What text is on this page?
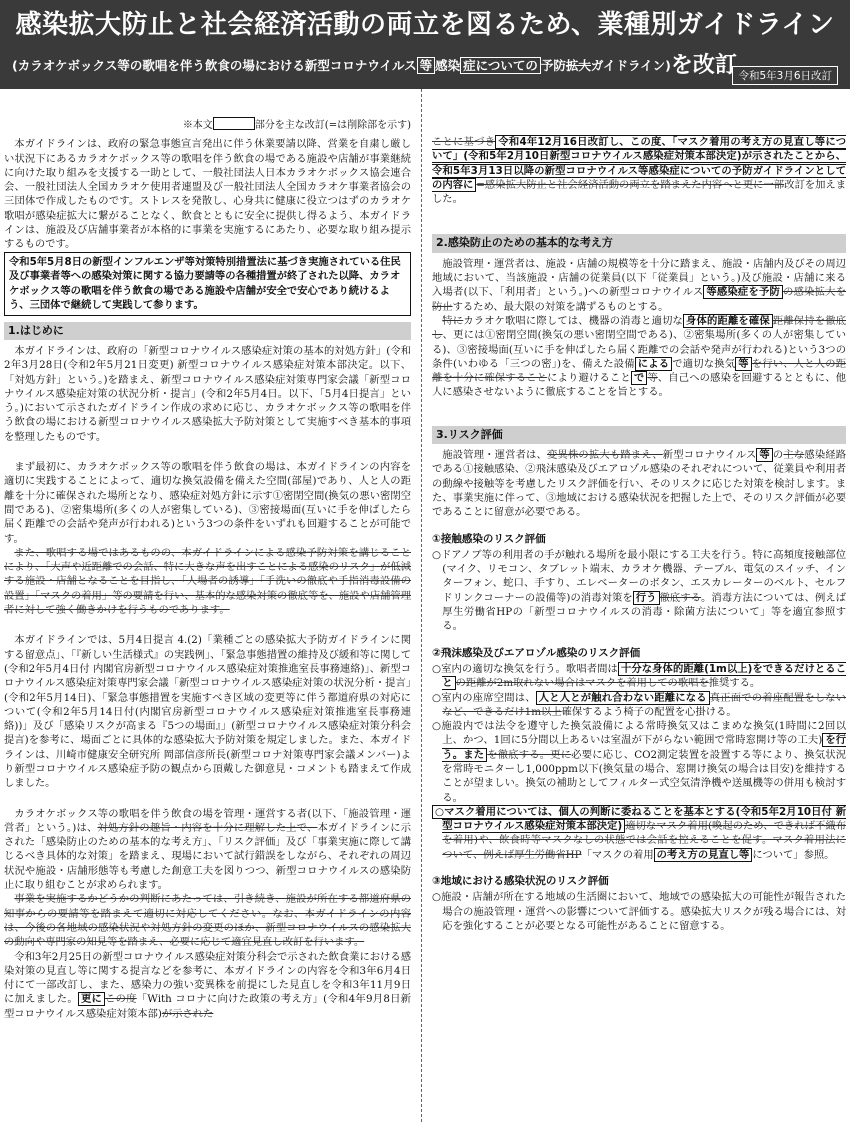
感染拡大防止と社会経済活動の両立を図るため、業種別ガイドライン
(カラオケボックス等の歌唱を伴う飲食の場における新型コロナウイルス 等 感染 症についての 予防拡大ガイドライン)を改訂 令和5年3月6日改訂
※本文	部分を主な改訂(=は削除部を示す)

本ガイドラインは、政府の緊急事態宣言発出に伴う休業要請以降、営業を自粛し厳しい状況下にあるカラオケボックス等の歌唱を伴う飲食の場である施設や店舗が事業継続に向けた取り組みを支援する一助として、一般社団法人日本カラオケボックス協会連合会、一般社団法人全国カラオケ使用者連盟及び一般社団法人全国カラオケ事業者協会の三団体で作成したものです。ストレスを発散し、心身共に健康に役立つはずのカラオケ歌唱が感染症拡大に繋がることなく、飲食とともに安全に提供し得るよう、本ガイドラインは、施設及び店舗事業者が本格的に事業を実施するにあたり、必要な取り組み提示するものです。

令和5年5月8日の新型インフルエンザ等対策特別措置法に基づき実施されている住民及び事業者等への感染対策に関する協力要請等の各種措置が終了された以降、カラオケボックス等の歌唱を伴う飲食の場である施設や店舗が安全で安心であり続けるよう、三団体で継続して実践して参ります。
1.はじめに

本ガイドラインは、政府の「新型コロナウイルス感染症対策の基本的対処方針」(令和2年3月28日(令和2年5月21日変更) 新型コロナウイルス感染症対策本部決定。以下、「対処方針」という。)を踏まえ、新型コロナウイルス感染症対策専門家会議「新型コロナウイルス感染症対策の状況分析・提言」(令和2年5月4日。以下、「5月4日提言」という。)において示されたガイドライン作成の求めに応じ、カラオケボックス等の歌唱を伴う飲食の場における新型コロナウイルス感染拡大予防対策として実施すべき基本的事項を整理したものです。

まず最初に、カラオケボックス等の歌唱を伴う飲食の場は、本ガイドラインの内容を適切に実践することによって、適切な換気設備を備えた空間(部屋)であり、人と人の距離を十分に確保された場所となり、感染症対処方針に示す①密閉空間(換気の悪い密閉空間である)、②密集場所(多くの人が密集している)、③密接場面(互いに手を伸ばしたら届く距離での会話や発声が行われる)という3つの条件をいずれも回避することが可能です。

また、歌唱する場ではあるものの、本ガイドラインによる感染予防対策を講じることにより、「大声や近距離での会話、特に大きな声を出すことによる感染のリスク」が低減する施設・店舗となることを目指し、「人場者の誘導」「手洗いの徹底や手指消毒設備の設置」「マスクの着用」等の要請を行い、基本的な感染対策の徹底等を、施設や店舗管理者に対して強く働きかけを行うものであります。

本ガイドラインでは、5月4日提言 4.(2)「業種ごとの感染拡大予防ガイドラインに関する留意点」、「『新しい生活様式』の実践例」、「緊急事態措置の維持及び緩和等に関して(令和2年5月4日付 内閣官房新型コロナウイルス感染症対策推進室長事務連絡)」、新型コロナウイルス感染症対策専門家会議「新型コロナウイルス感染症対策の状況分析・提言」(令和2年5月14日)、「緊急事態措置を実施すべき区域の変更等に伴う都道府県の対応について(令和2年5月14日付(内閣官房新型コロナウイルス感染症対策推進室長事務連絡))」及び「感染リスクが高まる『5つの場面』」(新型コロナウイルス感染症対策分科会提言)を参考に、場面ごとに具体的な感染拡大予防対策を規定しました。また、本ガイドラインは、川崎市健康安全研究所 岡部信彦所長(新型コロナ対策専門家会議メンバー)より新型コロナウイルス感染症予防の観点から頂戴した御意見・コメントも踏まえて作成しました。

カラオケボックス等の歌唱を伴う飲食の場を管理・運営する者(以下、「施設管理・運営者」という。)は、対処方針の趣旨・内容を十分に理解した上で、本ガイドラインに示された「感染防止のための基本的な考え方」、「リスク評価」及び「事業実施に際して講じるべき具体的な対策」を踏まえ、現場において試行錯誤をしながら、それぞれの周辺状況や施設・店舗形態等も考慮した創意工夫を図りつつ、新型コロナウイルスの感染防止に取り組むことが求められます。

事業を実施するかどうかの判断にあたっては、引き続き、施設が所在する都道府県の知事からの要請等を踏まえて適切に対応してください。なお、本ガイドラインの内容は、今後の各地域の感染状況や対処方針の変更のほか、新型コロナウイルスの感染拡大の動向や専門家の知見等を踏まえ、必要に応じて適宜見直し改訂を行います。

令和3年2月25日の新型コロナウイルス感染症対策分科会で示された飲食業における感染対策の見直し等に関する提言などを参考に、本ガイドラインの内容を令和3年6月4日付にて一部改訂し、また、感染力の強い変異株を前提にした見直しを令和3年11月9日に加えました。 更に この度「With コロナに向けた政策の考え方」(令和4年9月8日新型コロナウイルス感染症対策本部)が示された

ことに基づき 令和4年12月16日改訂し、この度、「マスク着用の考え方の見直し等について」(令和5年2月10日新型コロナウイルス感染症対策本部決定)が示されたことから、令和5年3月13日以降の新型コロナウイルス等感染症についての予防ガイドラインとしての内容に =感染拡大防止と社会経済活動の両立を踏まえた内容へと更に一部改訂を加えました。

2.感染防止のための基本的な考え方

施設管理・運営者は、施設・店舗の規模等を十分に踏まえ、施設・店舗内及びその周辺地域において、当該施設・店舗の従業員(以下「従業員」という。)及び施設・店舗に来る入場者(以下、「利用者」という。)への新型コロナウイルス 等感染症を予防 の感染拡大を防止するため、最大限の対策を講ずるものとする。

特にカラオケ歌唱に際しては、機器の消毒と適切な 身体的距離を確保 距離保持を徹底し、更には①密閉空間(換気の悪い密閉空間である)、②密集場所(多くの人が密集している)、③密接場面(互いに手を伸ばしたら届く距離での会話や発声が行われる)という3つの条件(いわゆる「三つの密」)を、備えた設備 による で適切な換気 等 を行い、人と人の距離を十分に確保することにより避けること で 等、自己への感染を回避するとともに、他人に感染させないように徹底することを旨とする。

3.リスク評価

施設管理・運営者は、変異株の拡大も踏まえ、新型コロナウイルス 等 の主な感染経路である①接触感染、②飛沫感染及びエアロゾル感染のそれぞれについて、従業員や利用者の動線や接触等を考慮したリスク評価を行い、そのリスクに応じた対策を検討します。また、事業実施に伴って、③地域における感染状況を把握した上で、そのリスク評価が必要であることに留意が必要である。

①接触感染のリスク評価
○ドアノブ等の利用者の手が触れる場所を最小限にする工夫を行う。特に高頻度接触部位(マイク、リモコン、タブレット端末、カラオケ機器、テーブル、電気のスイッチ、インターフォン、蛇口、手すり、エレベーターのボタン、エスカレーターのベルト、セルフドリンクコーナーの設備等)の消毒対策を 行う 徹底する。消毒方法については、例えば厚生労働省HPの「新型コロナウイルスの消毒・除菌方法について」等を適宜参照する。
②飛沫感染及びエアロゾル感染のリスク評価
○室内の適切な換気を行う。歌唱者間は 十分な身体的距離(1m以上)をできるだけとること の距離が2m取れない場合はマスクを着用しての歌唱を推奨する。
○室内の座席空間は、 人と人とが触れ合わない距離になる 真正面での着座配置をしないなど、できるだけ1m以上確保するよう椅子の配置を心掛ける。
○施設内では法令を遵守した換気設備による常時換気又はこまめな換気(1時間に2回以上、かつ、1回に5分間以上あるいは室温が下がらない範囲で常時窓開け等の工夫) を行う。また を徹底する。更に必要に応じ、CO2測定装置を設置する等により、換気状況を常時モニターし1,000ppm以下(換気量の場合、窓開け換気の場合は目安)を維持することが望ましい。換気の補助としてフィルター式空気清浄機や送風機等の併用も検討する。
○マスク着用については、個人の判断に委ねることを基本とする(令和5年2月10日付 新型コロナウイルス感染症対策本部決定) 適切なマスク着用(喚起のため、できれば不織布を着用)や、飲食時等マスクなしの状態では会話を控えることを促す。マスク着用法について、例えば厚生労働省HP「マスクの着用 の考え方の見直し等 について」参照。
③地域における感染状況のリスク評価
○施設・店舗が所在する地域の生活圏において、地域での感染拡大の可能性が報告された場合の施設管理・運営への影響について評価する。感染拡大リスクが残る場合には、対応を強化することが必要となる可能性があることに留意する。
